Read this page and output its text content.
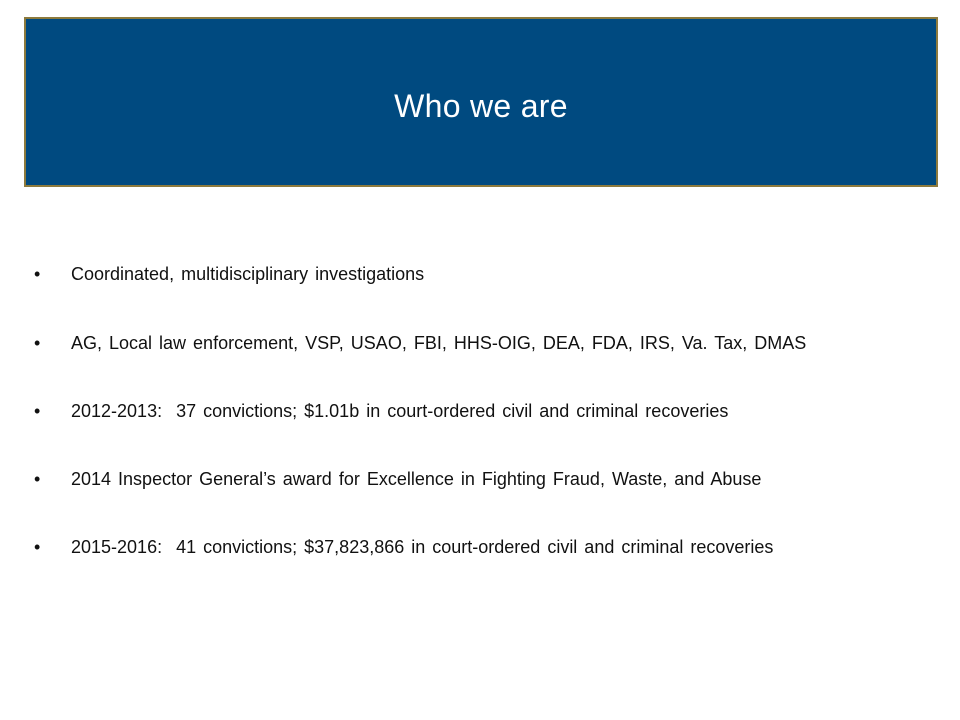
Who we are
• Coordinated, multidisciplinary investigations
• AG, Local law enforcement, VSP, USAO, FBI, HHS-OIG, DEA, FDA, IRS, Va. Tax, DMAS
• 2012-2013:  37 convictions; $1.01b in court-ordered civil and criminal recoveries
• 2014 Inspector General’s award for Excellence in Fighting Fraud, Waste, and Abuse
• 2015-2016:  41 convictions; $37,823,866 in court-ordered civil and criminal recoveries
